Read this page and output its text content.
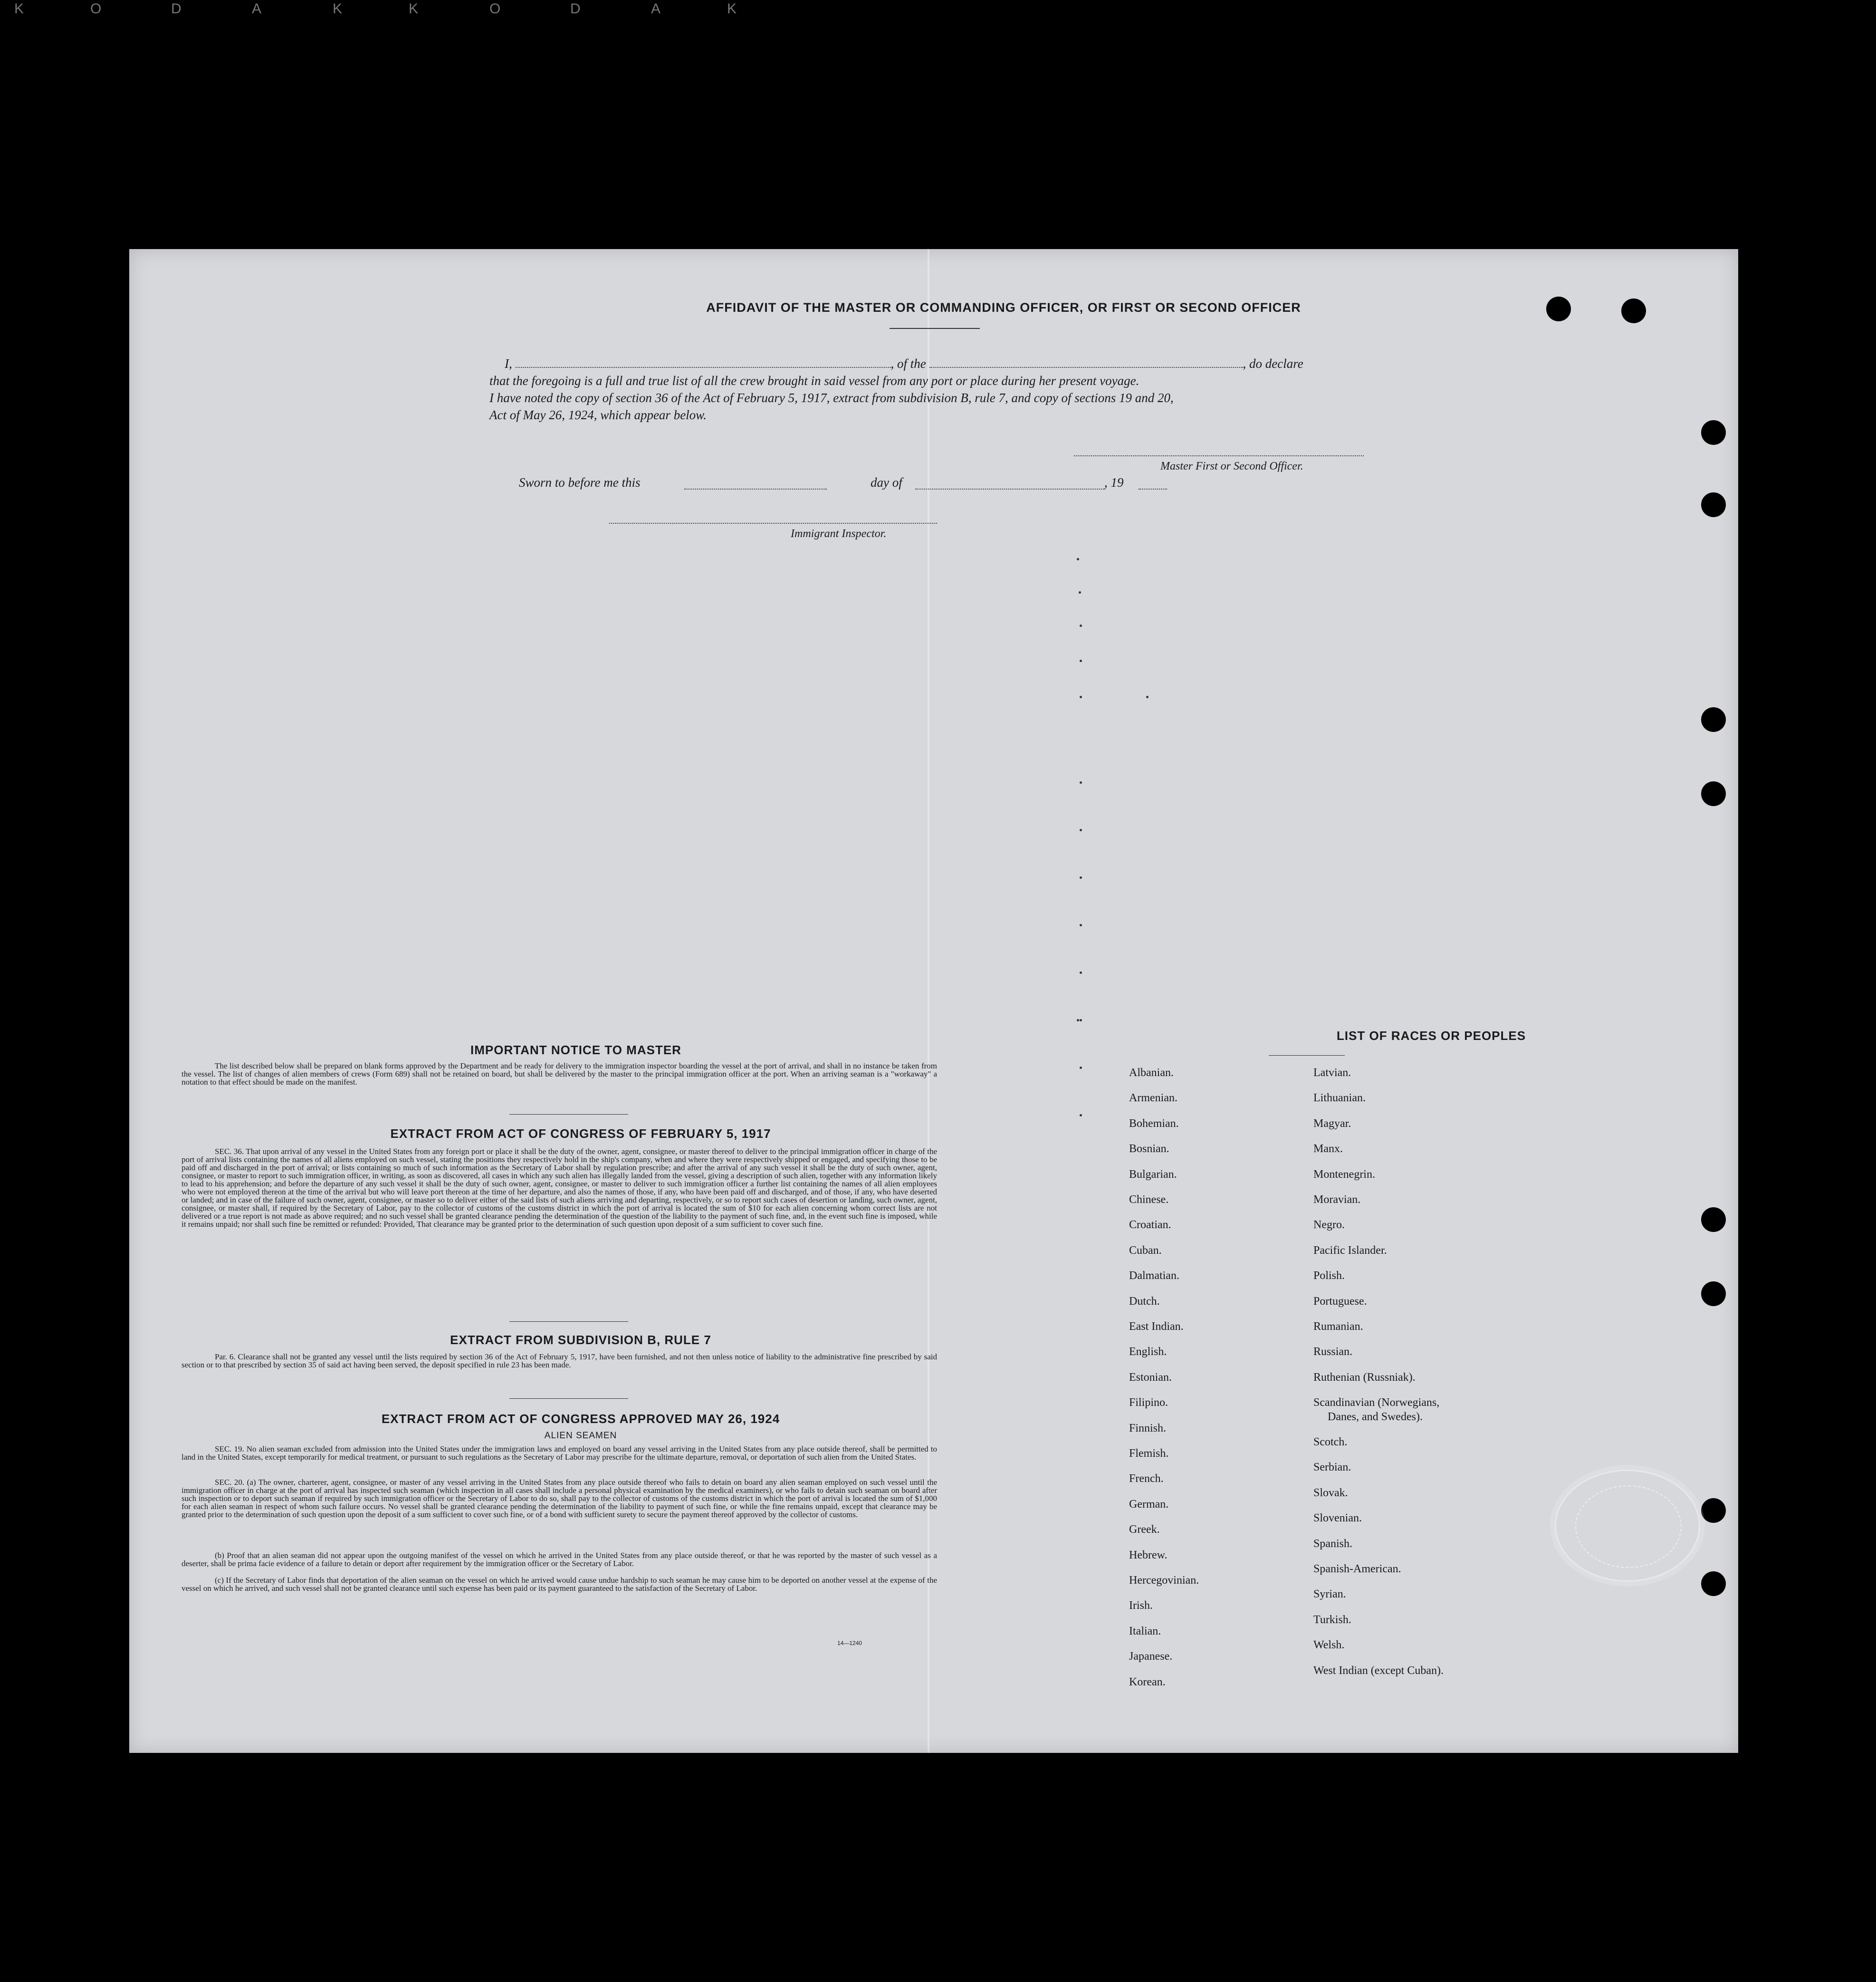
K	O	D	A	K	K	O	D	A	K
AFFIDAVIT OF THE MASTER OR COMMANDING OFFICER, OR FIRST OR SECOND OFFICER
I,	, of the	, do declare
that the foregoing is a full and true list of all the crew brought in said vessel from any port or place during her present voyage.
I have noted the copy of section 36 of the Act of February 5, 1917, extract from subdivision B, rule 7, and copy of sections 19 and 20,
Act of May 26, 1924, which appear below.
Master First or Second Officer.
Sworn to before me this	day of	, 19
Immigrant Inspector.
IMPORTANT NOTICE TO MASTER
The list described below shall be prepared on blank forms approved by the Department and be ready for delivery to the immigration inspector boarding the vessel at the port of arrival, and shall in no instance be taken from the vessel. The list of changes of alien members of crews (Form 689) shall not be retained on board, but shall be delivered by the master to the principal immigration officer at the port. When an arriving seaman is a "workaway" a notation to that effect should be made on the manifest.
EXTRACT FROM ACT OF CONGRESS OF FEBRUARY 5, 1917
SEC. 36. That upon arrival of any vessel in the United States from any foreign port or place it shall be the duty of the owner, agent, consignee, or master thereof to deliver to the principal immigration officer in charge of the port of arrival lists containing the names of all aliens employed on such vessel, stating the positions they respectively hold in the ship's company, when and where they were respectively shipped or engaged, and specifying those to be paid off and discharged in the port of arrival; or lists containing so much of such information as the Secretary of Labor shall by regulation prescribe; and after the arrival of any such vessel it shall be the duty of such owner, agent, consignee, or master to report to such immigration officer, in writing, as soon as discovered, all cases in which any such alien has illegally landed from the vessel, giving a description of such alien, together with any information likely to lead to his apprehension; and before the departure of any such vessel it shall be the duty of such owner, agent, consignee, or master to deliver to such immigration officer a further list containing the names of all alien employees who were not employed thereon at the time of the arrival but who will leave port thereon at the time of her departure, and also the names of those, if any, who have been paid off and discharged, and of those, if any, who have deserted or landed; and in case of the failure of such owner, agent, consignee, or master so to deliver either of the said lists of such aliens arriving and departing, respectively, or so to report such cases of desertion or landing, such owner, agent, consignee, or master shall, if required by the Secretary of Labor, pay to the collector of customs of the customs district in which the port of arrival is located the sum of $10 for each alien concerning whom correct lists are not delivered or a true report is not made as above required; and no such vessel shall be granted clearance pending the determination of the question of the liability to the payment of such fine, and, in the event such fine is imposed, while it remains unpaid; nor shall such fine be remitted or refunded: Provided, That clearance may be granted prior to the determination of such question upon deposit of a sum sufficient to cover such fine.
EXTRACT FROM SUBDIVISION B, RULE 7
Par. 6. Clearance shall not be granted any vessel until the lists required by section 36 of the Act of February 5, 1917, have been furnished, and not then unless notice of liability to the administrative fine prescribed by said section or to that prescribed by section 35 of said act having been served, the deposit specified in rule 23 has been made.
EXTRACT FROM ACT OF CONGRESS APPROVED MAY 26, 1924
ALIEN SEAMEN
SEC. 19. No alien seaman excluded from admission into the United States under the immigration laws and employed on board any vessel arriving in the United States from any place outside thereof, shall be permitted to land in the United States, except temporarily for medical treatment, or pursuant to such regulations as the Secretary of Labor may prescribe for the ultimate departure, removal, or deportation of such alien from the United States.
SEC. 20. (a) The owner, charterer, agent, consignee, or master of any vessel arriving in the United States from any place outside thereof who fails to detain on board any alien seaman employed on such vessel until the immigration officer in charge at the port of arrival has inspected such seaman (which inspection in all cases shall include a personal physical examination by the medical examiners), or who fails to detain such seaman on board after such inspection or to deport such seaman if required by such immigration officer or the Secretary of Labor to do so, shall pay to the collector of customs of the customs district in which the port of arrival is located the sum of $1,000 for each alien seaman in respect of whom such failure occurs. No vessel shall be granted clearance pending the determination of the liability to payment of such fine, or while the fine remains unpaid, except that clearance may be granted prior to the determination of such question upon the deposit of a sum sufficient to cover such fine, or of a bond with sufficient surety to secure the payment thereof approved by the collector of customs.
(b) Proof that an alien seaman did not appear upon the outgoing manifest of the vessel on which he arrived in the United States from any place outside thereof, or that he was reported by the master of such vessel as a deserter, shall be prima facie evidence of a failure to detain or deport after requirement by the immigration officer or the Secretary of Labor.
(c) If the Secretary of Labor finds that deportation of the alien seaman on the vessel on which he arrived would cause undue hardship to such seaman he may cause him to be deported on another vessel at the expense of the vessel on which he arrived, and such vessel shall not be granted clearance until such expense has been paid or its payment guaranteed to the satisfaction of the Secretary of Labor.
14—1240
LIST OF RACES OR PEOPLES
Albanian.
Armenian.
Bohemian.
Bosnian.
Bulgarian.
Chinese.
Croatian.
Cuban.
Dalmatian.
Dutch.
East Indian.
English.
Estonian.
Filipino.
Finnish.
Flemish.
French.
German.
Greek.
Hebrew.
Hercegovinian.
Irish.
Italian.
Japanese.
Korean.
Latvian.
Lithuanian.
Magyar.
Manx.
Montenegrin.
Moravian.
Negro.
Pacific Islander.
Polish.
Portuguese.
Rumanian.
Russian.
Ruthenian (Russniak).
Scandinavian (Norwegians,
Danes, and Swedes).
Scotch.
Serbian.
Slovak.
Slovenian.
Spanish.
Spanish-American.
Syrian.
Turkish.
Welsh.
West Indian (except Cuban).
